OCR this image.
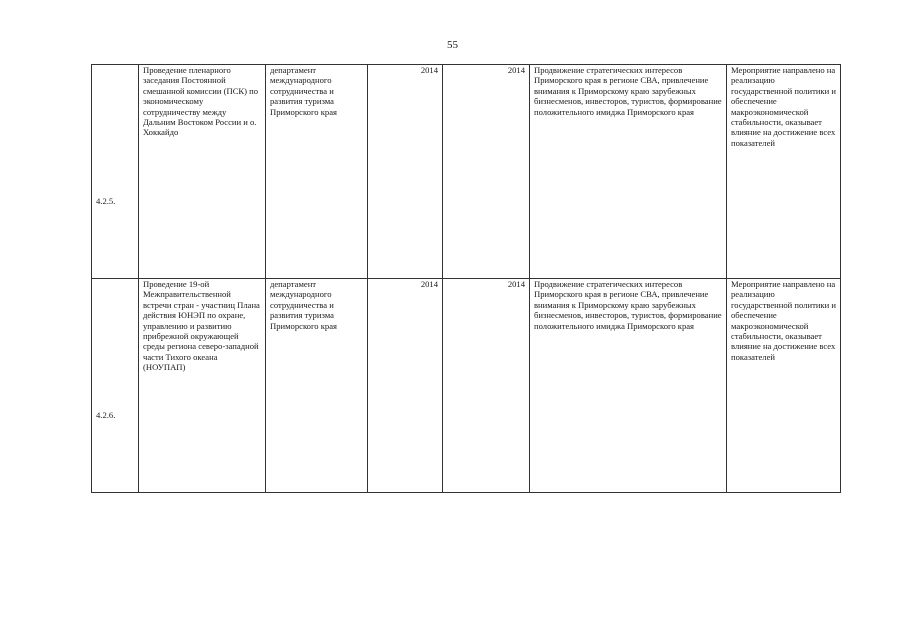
55
4.2.5.	Проведение пленарного заседания Постоянной смешанной комиссии (ПСК) по экономическому сотрудничеству между Дальним Востоком России и о. Хоккайдо	департамент международного сотрудничества и развития туризма Приморского края	2014	2014	Продвижение стратегических интересов Приморского края в регионе СВА, привлечение внимания к Приморскому краю зарубежных бизнесменов, инвесторов, туристов, формирование положительного имиджа Приморского края	Мероприятие направлено на реализацию государственной политики и обеспечение макроэкономической стабильности, оказывает влияние на достижение всех показателей

4.2.6.	Проведение 19-ой Межправительственной встречи стран - участниц Плана действия ЮНЭП по охране, управлению и развитию прибрежной окружающей среды региона северо-западной части Тихого океана (НОУПАП)	департамент международного сотрудничества и развития туризма Приморского края	2014	2014	Продвижение стратегических интересов Приморского края в регионе СВА, привлечение внимания к Приморскому краю зарубежных бизнесменов, инвесторов, туристов, формирование положительного имиджа Приморского края	Мероприятие направлено на реализацию государственной политики и обеспечение макроэкономической стабильности, оказывает влияние на достижение всех показателей
